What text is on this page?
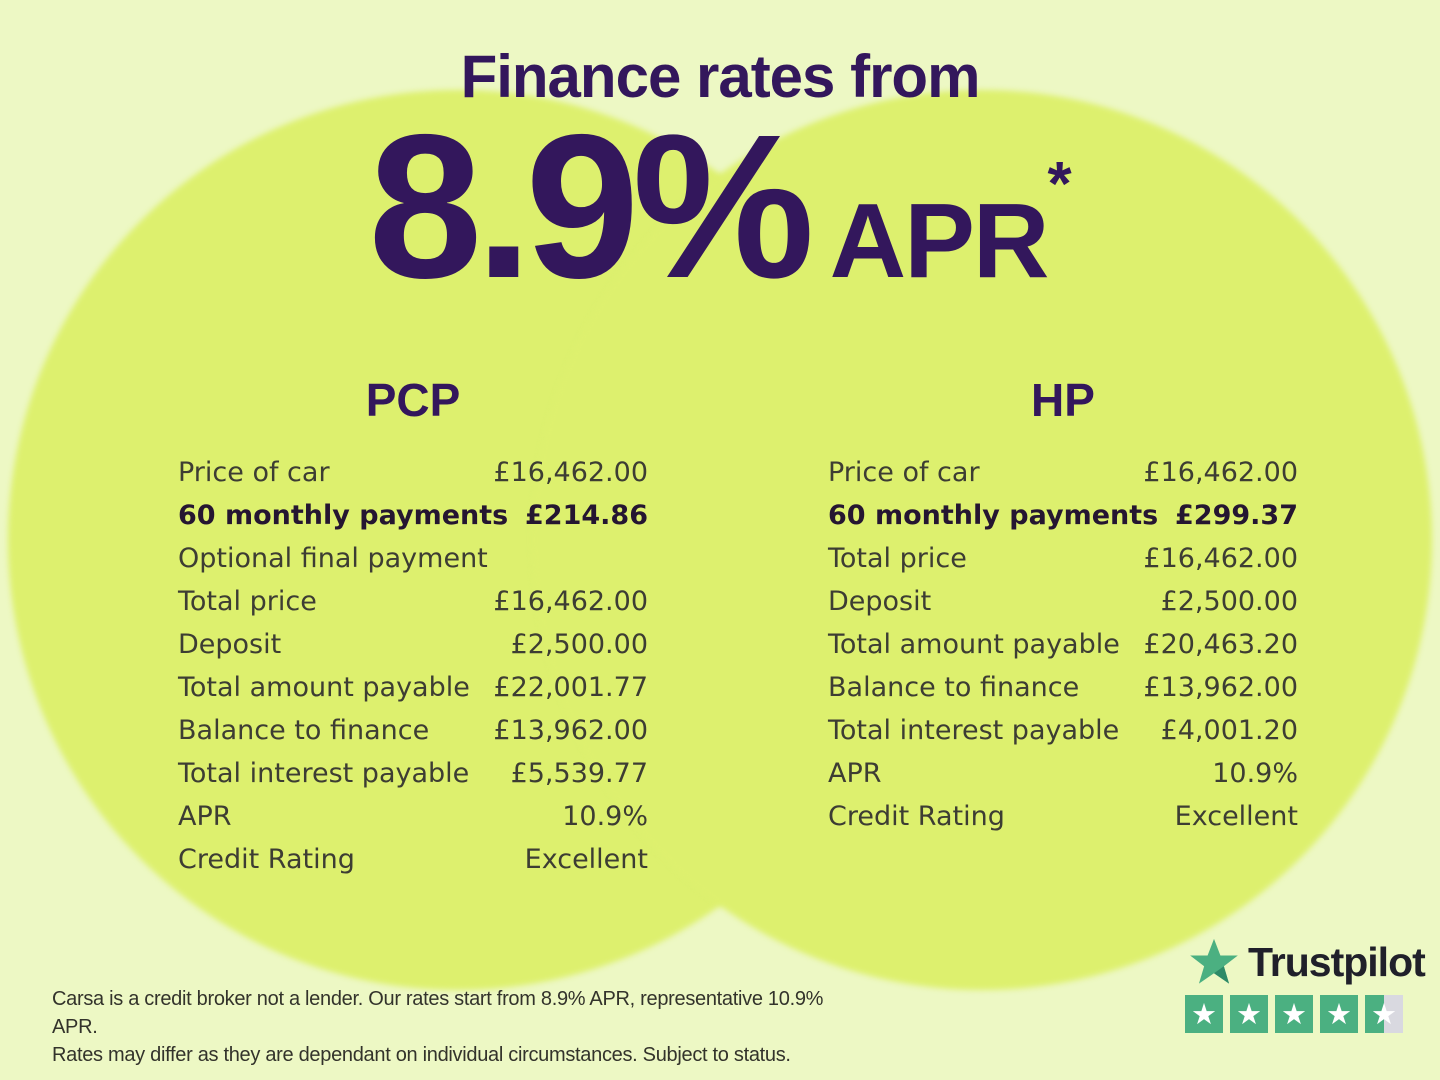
Finance rates from
8.9% APR*
PCP	HP
Price of car	£16,462.00
60 monthly payments £214.86
Optional final payment
Total price	£16,462.00
Deposit	£2,500.00
Total amount payable £22,001.77
Balance to finance £13,962.00
Total interest payable £5,539.77
APR	10.9%
Credit Rating	Excellent
Price of car	£16,462.00
60 monthly payments £299.37
Total price	£16,462.00
Deposit	£2,500.00
Total amount payable £20,463.20
Balance to finance £13,962.00
Total interest payable £4,001.20
APR	10.9%
Credit Rating	Excellent
Carsa is a credit broker not a lender. Our rates start from 8.9% APR, representative 10.9% APR.
Rates may differ as they are dependant on individual circumstances. Subject to status.
Trustpilot
★ ★ ★ ★ ★
